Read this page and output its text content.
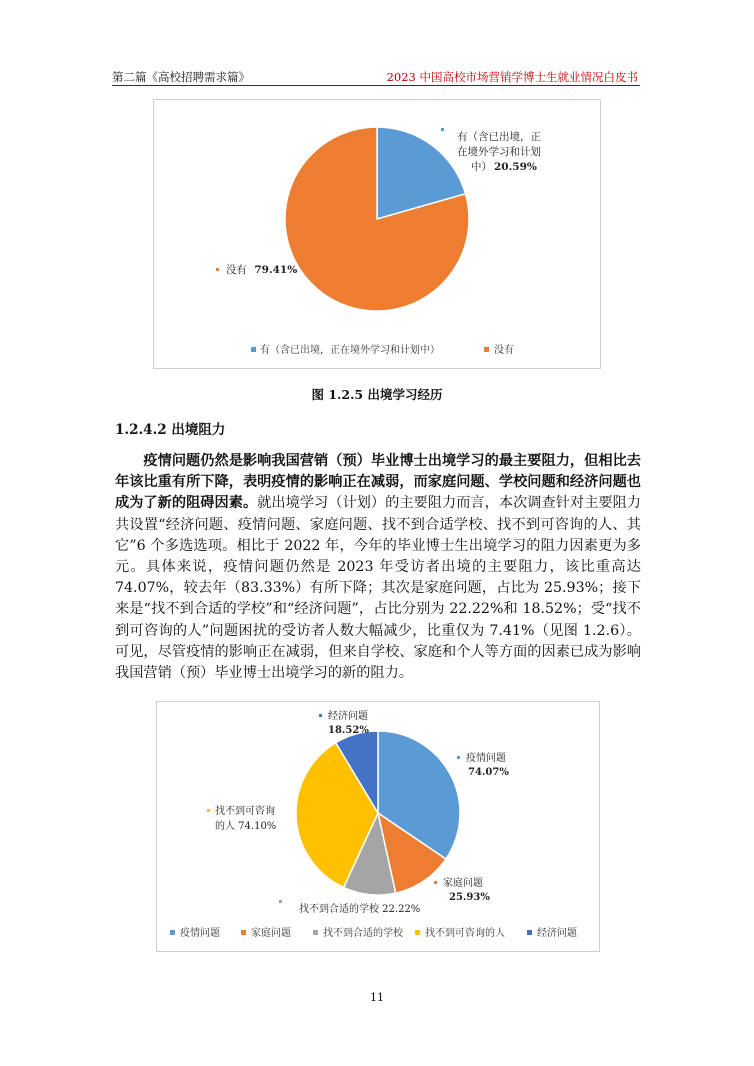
第二篇《高校招聘需求篇》	2023 中国高校市场营销学博士生就业情况白皮书
有（含已出境，正 在境外学习和计划 中） 20.59%
没有 79.41%
有（含已出境，正在境外学习和计划中）	没有
图 1.2.5 出境学习经历
1.2.4.2 出境阻力
疫情问题仍然是影响我国营销（预）毕业博士出境学习的最主要阻力，但相比去年该比重有所下降，表明疫情的影响正在减弱，而家庭问题、学校问题和经济问题也成为了新的阻碍因素。就出境学习（计划）的主要阻力而言，本次调查针对主要阻力共设置“经济问题、疫情问题、家庭问题、找不到合适学校、找不到可咨询的人、其它”6 个多选选项。相比于 2022 年，今年的毕业博士生出境学习的阻力因素更为多元。具体来说，疫情问题仍然是 2023 年受访者出境的主要阻力，该比重高达 74.07%，较去年（83.33%）有所下降；其次是家庭问题，占比为 25.93%；接下来是“找不到合适的学校”和“经济问题”，占比分别为 22.22%和 18.52%；受“找不到可咨询的人”问题困扰的受访者人数大幅减少，比重仅为 7.41%（见图 1.2.6）。可见，尽管疫情的影响正在减弱，但来自学校、家庭和个人等方面的因素已成为影响我国营销（预）毕业博士出境学习的新的阻力。
经济问题 18.52%
疫情问题 74.07%
家庭问题 25.93%
找不到合适的学校 22.22%
找不到可咨询 的人 74.10%
疫情问题	家庭问题	找不到合适的学校 找不到可咨询的人	经济问题
11
